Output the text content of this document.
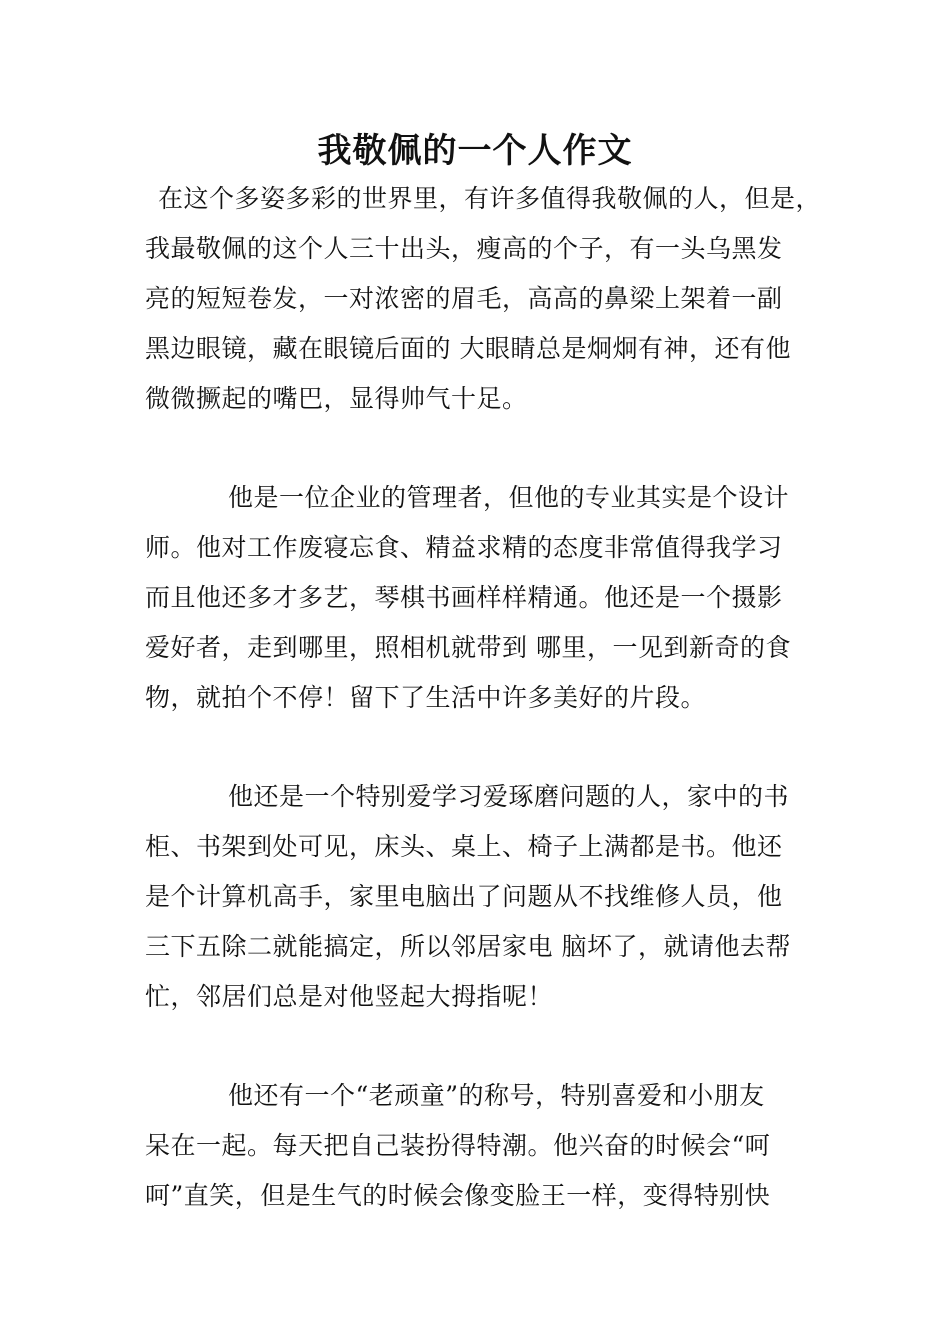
我敬佩的一个人作文
在这个多姿多彩的世界里，有许多值得我敬佩的人，但是，
我最敬佩的这个人三十出头，瘦高的个子，有一头乌黑发
亮的短短卷发，一对浓密的眉毛，高高的鼻梁上架着一副
黑边眼镜，藏在眼镜后面的 大眼睛总是炯炯有神，还有他
微微撅起的嘴巴，显得帅气十足。
他是一位企业的管理者，但他的专业其实是个设计
师。他对工作废寝忘食、精益求精的态度非常值得我学习
而且他还多才多艺，琴棋书画样样精通。他还是一个摄影
爱好者，走到哪里，照相机就带到 哪里，一见到新奇的食
物，就拍个不停！留下了生活中许多美好的片段。
他还是一个特别爱学习爱琢磨问题的人，家中的书
柜、书架到处可见，床头、桌上、椅子上满都是书。他还
是个计算机高手，家里电脑出了问题从不找维修人员，他
三下五除二就能搞定，所以邻居家电 脑坏了，就请他去帮
忙，邻居们总是对他竖起大拇指呢！
他还有一个“老顽童”的称号，特别喜爱和小朋友
呆在一起。每天把自己装扮得特潮。他兴奋的时候会“呵
呵”直笑，但是生气的时候会像变脸王一样，变得特别快
